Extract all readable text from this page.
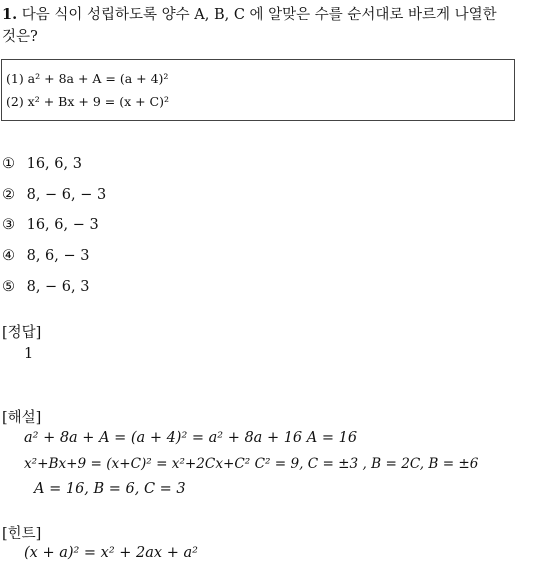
1. 다음 식이 성립하도록 양수 A, B, C 에 알맞은 수를 순서대로 바르게 나열한
것은?
(1) a² + 8a + A = (a + 4)²
(2) x² + Bx + 9 = (x + C)²
① 16, 6, 3
② 8, − 6, − 3
③ 16, 6, − 3
④ 8, 6, − 3
⑤ 8, − 6, 3
[정답]
1
[해설]
a² + 8a + A = (a + 4)² = a² + 8a + 16 A = 16
x²+Bx+9 = (x+C)² = x²+2Cx+C² C² = 9, C = ±3 , B = 2C, B = ±6
A = 16, B = 6, C = 3
[힌트]
(x + a)² = x² + 2ax + a²
